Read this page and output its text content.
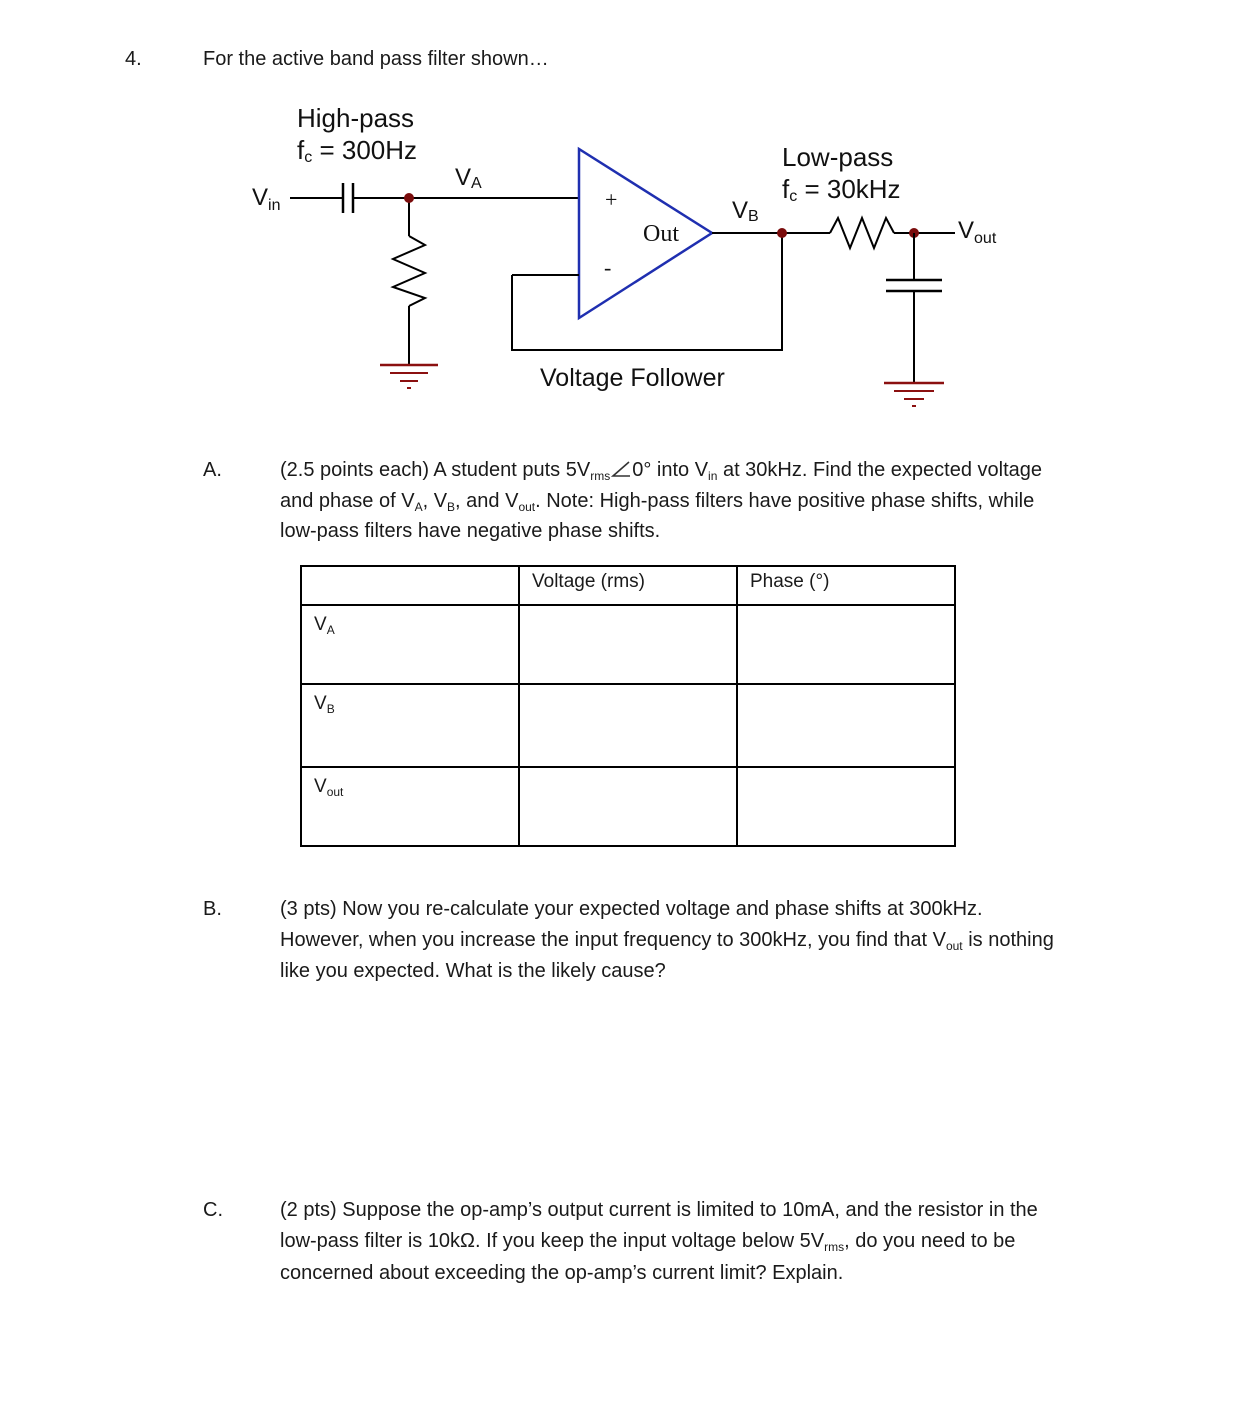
4.	For the active band pass filter shown…
High-pass
fc = 300Hz	Low-pass
fc = 30kHz
$V_{in}$
VA
VB
$V_{out}$
+
-
Out
Voltage Follower
A.	(2.5 points each) A student puts $5V_{rms}$ 0° into $V_{in}$ at 30kHz. Find the expected voltage
and phase of $V_A$, $V_B$, and $V_{out}$. Note: High-pass filters have positive phase shifts, while
low-pass filters have negative phase shifts.
	Voltage (rms)	Phase (°)
$V_A$		
$V_B$		
$V_{out}$		
B.	(3 pts) Now you re-calculate your expected voltage and phase shifts at 300kHz.
However, when you increase the input frequency to 300kHz, you find that $V_{out}$ is nothing
like you expected. What is the likely cause?
C.	(2 pts) Suppose the op-amp’s output current is limited to 10mA, and the resistor in the
low-pass filter is 10kΩ. If you keep the input voltage below $5V_{rms}$, do you need to be
concerned about exceeding the op-amp’s current limit? Explain.
